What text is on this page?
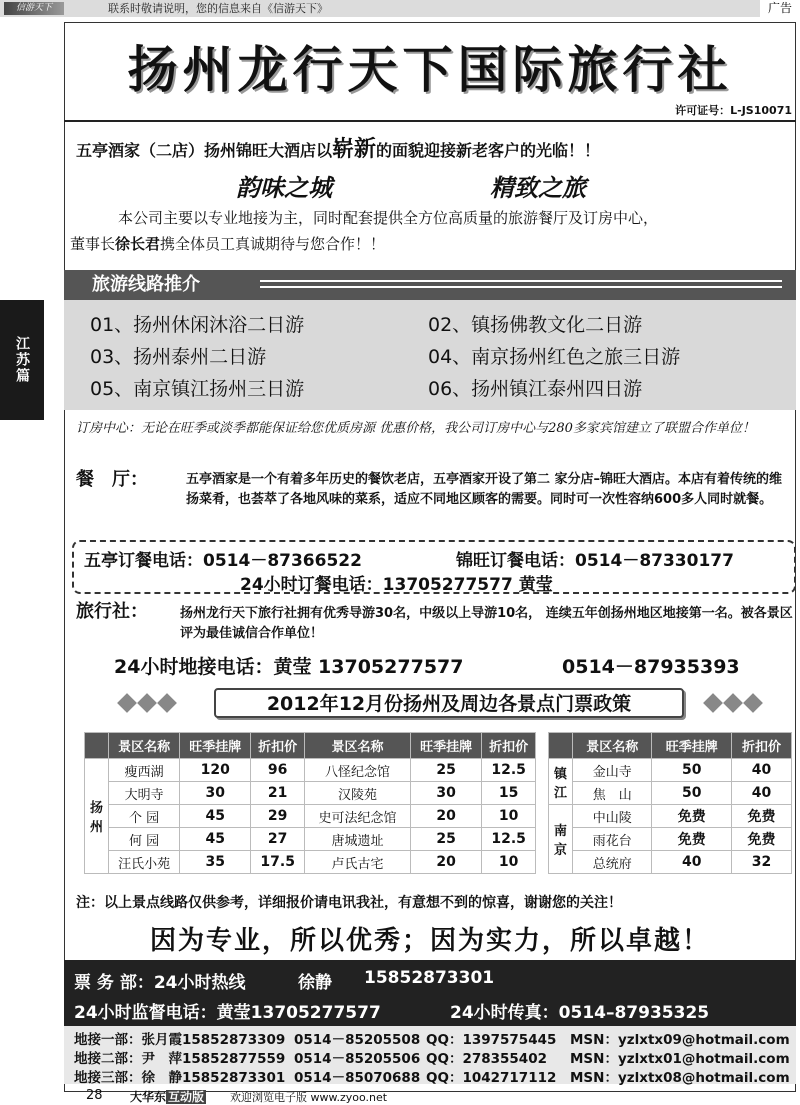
信游天下	联系时敬请说明，您的信息来自《信游天下》	广告
江苏篇
扬州龙行天下国际旅行社
许可证号：L-JS10071
五亭酒家（二店）扬州锦旺大酒店以崭新的面貌迎接新老客户的光临！！
韵味之城	精致之旅

本公司主要以专业地接为主，同时配套提供全方位高质量的旅游餐厅及订房中心，

董事长徐长君携全体员工真诚期待与您合作！！
旅游线路推介
01、扬州休闲沐浴二日游	02、镇扬佛教文化二日游
03、扬州泰州二日游	04、南京扬州红色之旅三日游
05、南京镇江扬州三日游	06、扬州镇江泰州四日游
订房中心：无论在旺季或淡季都能保证给您优质房源 优惠价格，我公司订房中心与280多家宾馆建立了联盟合作单位！
餐　厅：	五亭酒家是一个有着多年历史的餐饮老店，五亭酒家开设了第二 家分店–锦旺大酒店。本店有着传统的维扬菜肴，也荟萃了各地风味的菜系，适应不同地区顾客的需要。同时可一次性容纳600多人同时就餐。
五亭订餐电话：0514－87366522	锦旺订餐电话：0514－87330177
24小时订餐电话：13705277577 黄莹
旅行社： 扬州龙行天下旅行社拥有优秀导游30名，中级以上导游10名， 连续五年创扬州地区地接第一名。被各景区评为最佳诚信合作单位！
24小时地接电话：黄莹 13705277577	0514－87935393
2012年12月份扬州及周边各景点门票政策
	景区名称	旺季挂牌	折扣价	景区名称	旺季挂牌	折扣价
扬州	瘦西湖	120	96	八怪纪念馆	25	12.5
	大明寺	30	21	汉陵苑	30	15
	个 园	45	29	史可法纪念馆	20	10
	何 园	45	27	唐城遗址	25	12.5
	汪氏小苑	35	17.5	卢氏古宅	20	10
	景区名称	旺季挂牌	折扣价
镇江	金山寺	50	40
	焦　山	50	40
南京	中山陵	免费	免费
	雨花台	免费	免费
	总统府	40	32
注：以上景点线路仅供参考，详细报价请电讯我社，有意想不到的惊喜，谢谢您的关注！
因为专业，所以优秀；因为实力，所以卓越！
票 务 部：24小时热线	徐静 15852873301
24小时监督电话：黄莹13705277577	24小时传真：0514–87935325
地接一部：张月霞15852873309 0514－85205508 QQ：1397575445 MSN：yzlxtx09@hotmail.com
地接二部：尹　萍15852877559 0514－85205506 QQ：278355402 MSN：yzlxtx01@hotmail.com
地接三部：徐　静15852873301 0514－85070688 QQ：1042717112 MSN：yzlxtx08@hotmail.com
28 大华东 互动版 欢迎浏览电子版 www.zyoo.net
